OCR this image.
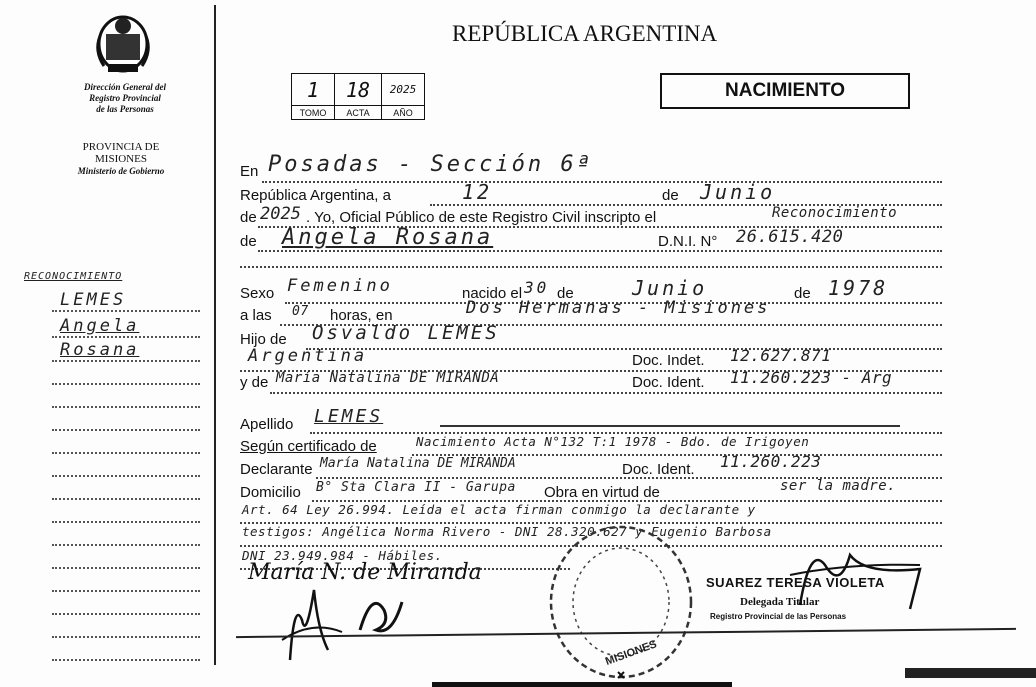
Dirección General del
Registro Provincial
de las Personas
PROVINCIA DE
MISIONES
Ministerio de Gobierno
REPÚBLICA ARGENTINA
1	18	2025
TOMO	ACTA	AÑO
NACIMIENTO
RECONOCIMIENTO
LEMES
Angela
Rosana
En Posadas - Sección 6ª
República Argentina, a	12	de Junio
de 2025 . Yo, Oficial Público de este Registro Civil inscripto el	Reconocimiento
de Angela Rosana	D.N.I. N° 26.615.420
Sexo Femenino	nacido el 30 de	Junio	de 1978
a las 07 horas, en	Dos Hermanas - Misiones
Hijo de Osvaldo LEMES
Argentina	Doc. Indet. 12.627.871
y de María Natalina DE MIRANDA	Doc. Ident. 11.260.223 - Arg
Apellido LEMES
Según certificado de	Nacimiento Acta N°132 T:1 1978 - Bdo. de Irigoyen
Declarante María Natalina DE MIRANDA	Doc. Ident. 11.260.223
Domicilio B° Sta Clara II - Garupa Obra en virtud de	ser la madre.
Art. 64 Ley 26.994. Leída el acta firman conmigo la declarante y
testigos: Angélica Norma Rivero - DNI 28.320.627 y Eugenio Barbosa
DNI 23.949.984 - Hábiles.
María N. de Miranda
MISIONES
SUAREZ TERESA VIOLETA
Delegada Titular
Registro Provincial de las Personas
